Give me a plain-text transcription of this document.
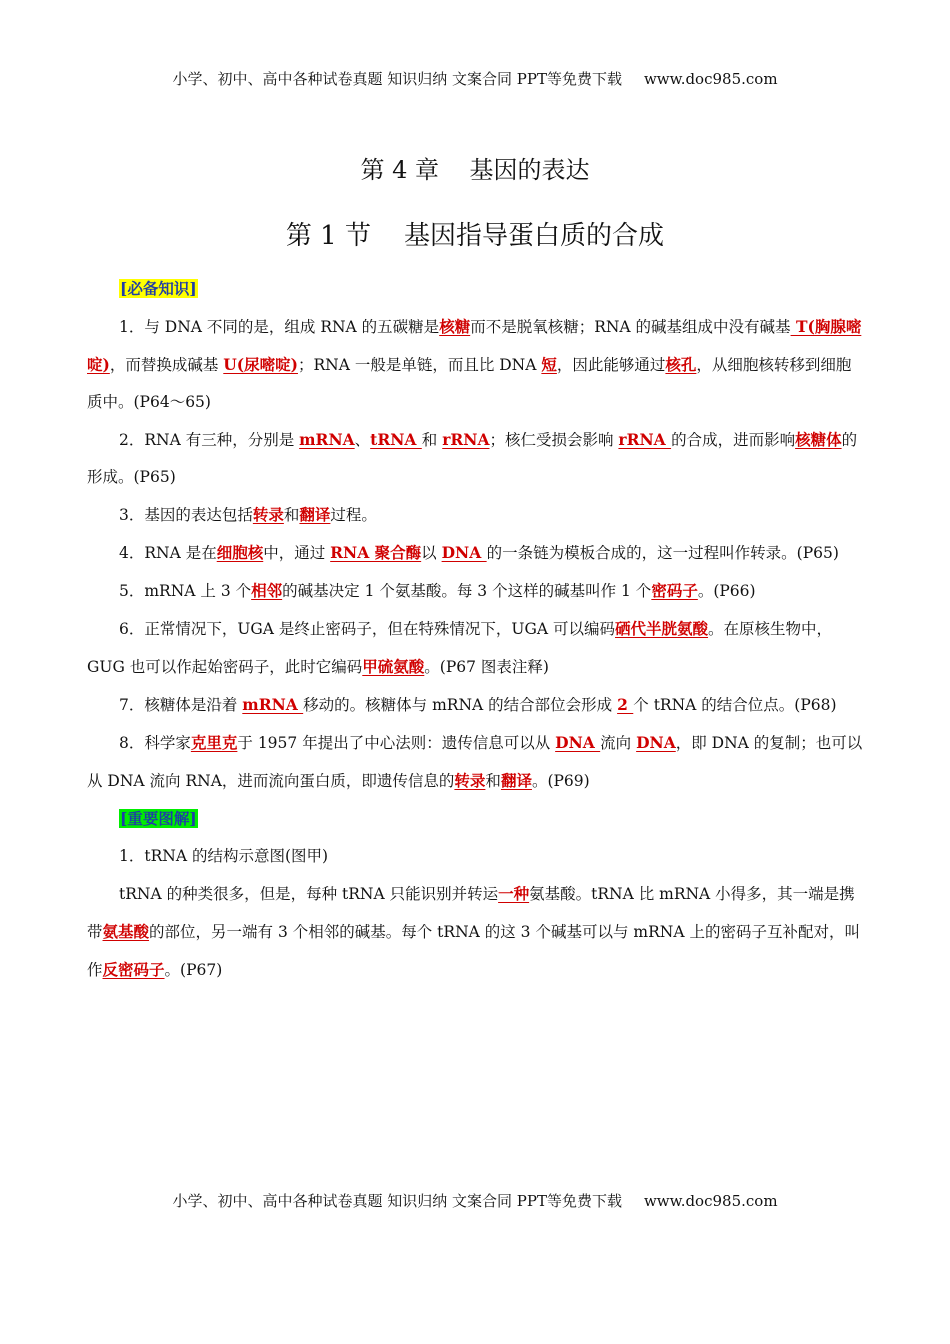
小学、初中、高中各种试卷真题 知识归纳 文案合同 PPT等免费下载 www.doc985.com
第 4 章    基因的表达
第 1 节    基因指导蛋白质的合成

[必备知识]

1．与 DNA 不同的是，组成 RNA 的五碳糖是核糖而不是脱氧核糖；RNA 的碱基组成中没有碱基 T(胸腺嘧啶)，而替换成碱基 U(尿嘧啶)；RNA 一般是单链，而且比 DNA 短，因此能够通过核孔，从细胞核转移到细胞质中。(P64～65)

2．RNA 有三种，分别是 mRNA、tRNA 和 rRNA；核仁受损会影响 rRNA 的合成，进而影响核糖体的形成。(P65)

3．基因的表达包括转录和翻译过程。

4．RNA 是在细胞核中，通过 RNA 聚合酶以 DNA 的一条链为模板合成的，这一过程叫作转录。(P65)

5．mRNA 上 3 个相邻的碱基决定 1 个氨基酸。每 3 个这样的碱基叫作 1 个密码子。(P66)

6．正常情况下，UGA 是终止密码子，但在特殊情况下，UGA 可以编码硒代半胱氨酸。在原核生物中，GUG 也可以作起始密码子，此时它编码甲硫氨酸。(P67 图表注释)

7．核糖体是沿着 mRNA 移动的。核糖体与 mRNA 的结合部位会形成 2 个 tRNA 的结合位点。(P68)

8．科学家克里克于 1957 年提出了中心法则：遗传信息可以从 DNA 流向 DNA，即 DNA 的复制；也可以从 DNA 流向 RNA，进而流向蛋白质，即遗传信息的转录和翻译。(P69)

[重要图解]

1．tRNA 的结构示意图(图甲)

tRNA 的种类很多，但是，每种 tRNA 只能识别并转运一种氨基酸。tRNA 比 mRNA 小得多，其一端是携带氨基酸的部位，另一端有 3 个相邻的碱基。每个 tRNA 的这 3 个碱基可以与 mRNA 上的密码子互补配对，叫作反密码子。(P67)

小学、初中、高中各种试卷真题 知识归纳 文案合同 PPT等免费下载 www.doc985.com
